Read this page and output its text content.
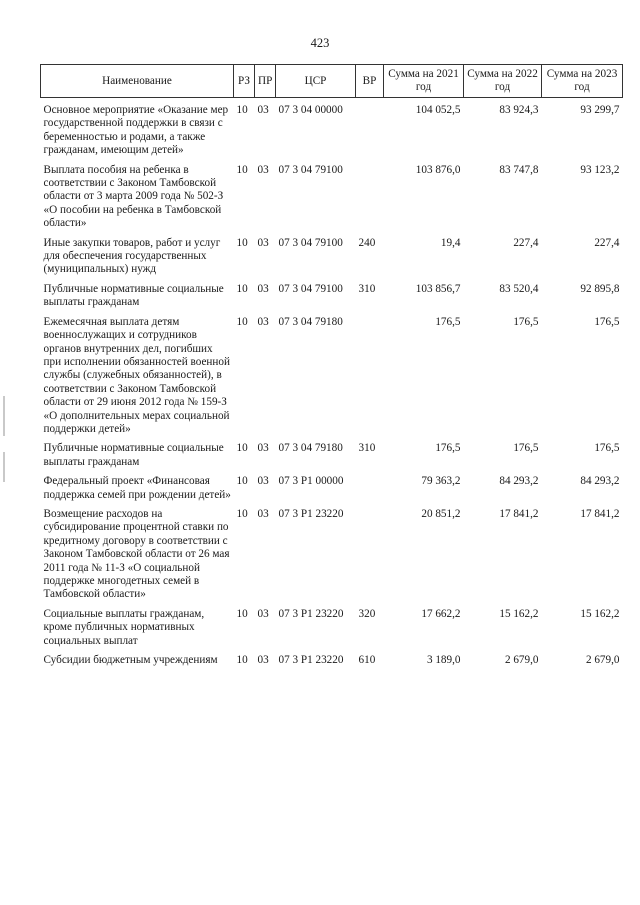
423
Наименование	РЗ	ПР	ЦСР	ВР	Сумма на 2021 год	Сумма на 2022 год	Сумма на 2023 год

Основное мероприятие «Оказание мер государственной поддержки в связи с беременностью и родами, а также гражданам, имеющим детей»	10	03	07 3 04 00000		104 052,5	83 924,3	93 299,7

Выплата пособия на ребенка в соответствии с Законом Тамбовской области от 3 марта 2009 года № 502-З «О пособии на ребенка в Тамбовской области»	10	03	07 3 04 79100		103 876,0	83 747,8	93 123,2

Иные закупки товаров, работ и услуг для обеспечения государственных (муниципальных) нужд	10	03	07 3 04 79100	240	19,4	227,4	227,4

Публичные нормативные социальные выплаты гражданам	10	03	07 3 04 79100	310	103 856,7	83 520,4	92 895,8

Ежемесячная выплата детям военнослужащих и сотрудников органов внутренних дел, погибших при исполнении обязанностей военной службы (служебных обязанностей), в соответствии с Законом Тамбовской области от 29 июня 2012 года № 159-З «О дополнительных мерах социальной поддержки детей»	10	03	07 3 04 79180		176,5	176,5	176,5

Публичные нормативные социальные выплаты гражданам	10	03	07 3 04 79180	310	176,5	176,5	176,5

Федеральный проект «Финансовая поддержка семей при рождении детей»	10	03	07 3 P1 00000		79 363,2	84 293,2	84 293,2

Возмещение расходов на субсидирование процентной ставки по кредитному договору в соответствии с Законом Тамбовской области от 26 мая 2011 года № 11-З «О социальной поддержке многодетных семей в Тамбовской области»	10	03	07 3 P1 23220		20 851,2	17 841,2	17 841,2

Социальные выплаты гражданам, кроме публичных нормативных социальных выплат	10	03	07 3 P1 23220	320	17 662,2	15 162,2	15 162,2

Субсидии бюджетным учреждениям	10	03	07 3 P1 23220	610	3 189,0	2 679,0	2 679,0
